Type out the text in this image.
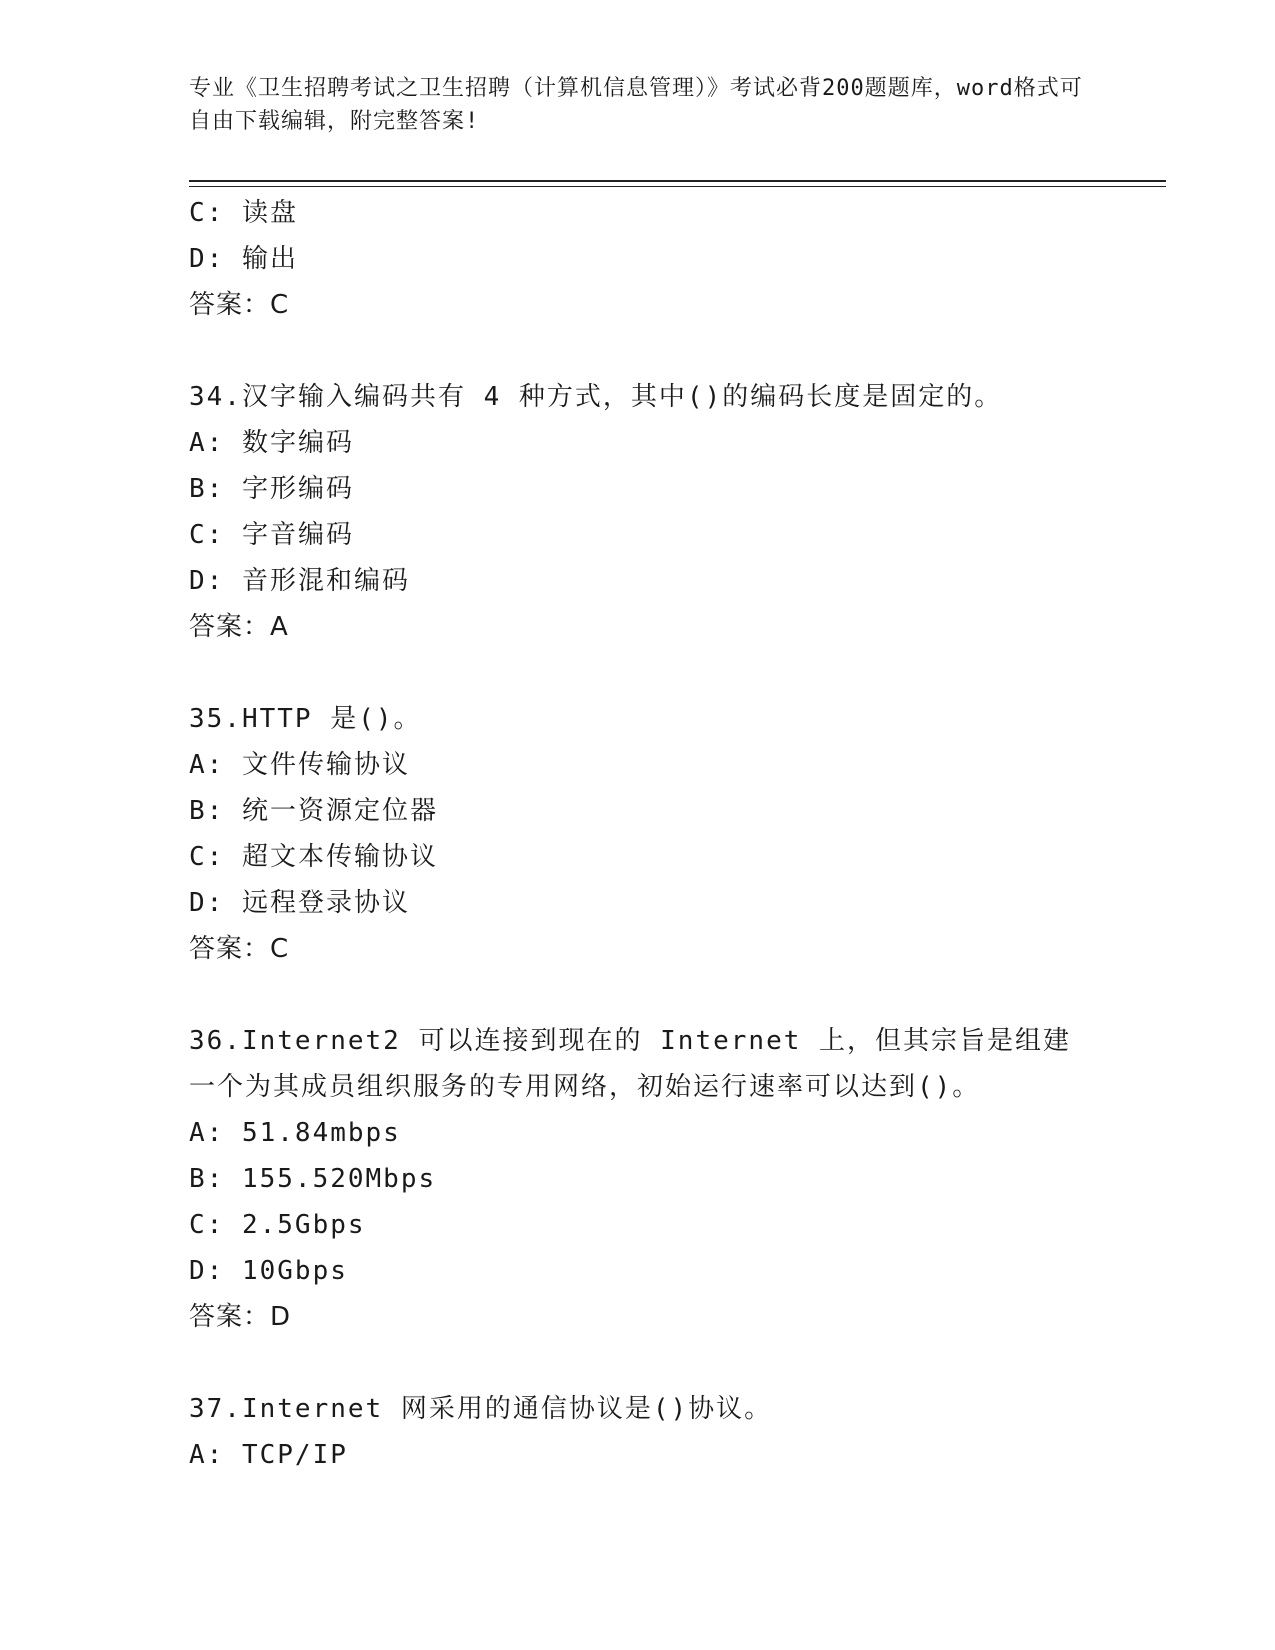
专业《卫生招聘考试之卫生招聘（计算机信息管理）》考试必背200题题库，word格式可自由下载编辑，附完整答案!
C: 读盘
D: 输出
答案：C
34.汉字输入编码共有 4 种方式，其中()的编码长度是固定的。
A: 数字编码
B: 字形编码
C: 字音编码
D: 音形混和编码
答案：A
35.HTTP 是()。
A: 文件传输协议
B: 统一资源定位器
C: 超文本传输协议
D: 远程登录协议
答案：C
36.Internet2 可以连接到现在的 Internet 上，但其宗旨是组建一个为其成员组织服务的专用网络，初始运行速率可以达到()。
A: 51.84mbps
B: 155.520Mbps
C: 2.5Gbps
D: 10Gbps
答案：D
37.Internet 网采用的通信协议是()协议。
A: TCP/IP
